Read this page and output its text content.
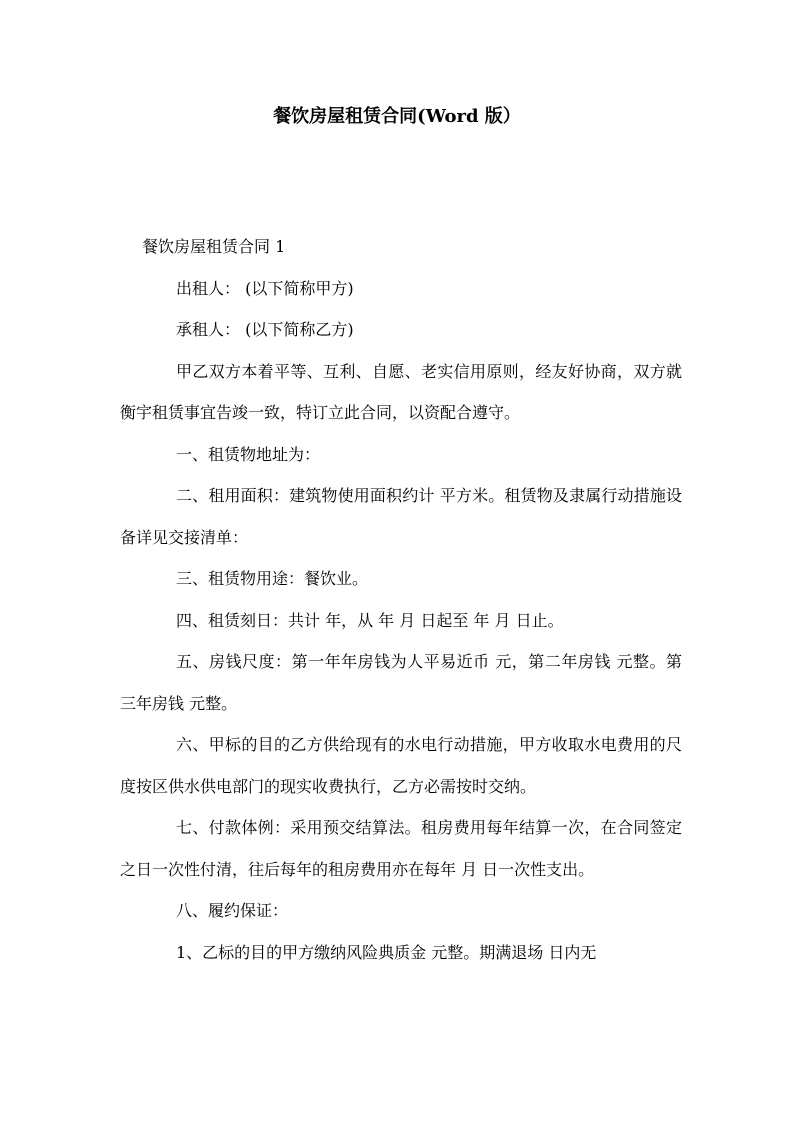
餐饮房屋租赁合同(Word 版）

餐饮房屋租赁合同 1

出租人： (以下简称甲方)

承租人： (以下简称乙方)

甲乙双方本着平等、互利、自愿、老实信用原则，经友好协商，双方就衡宇租赁事宜告竣一致，特订立此合同，以资配合遵守。

一、租赁物地址为：

二、租用面积：建筑物使用面积约计 平方米。租赁物及隶属行动措施设备详见交接清单：

三、租赁物用途：餐饮业。

四、租赁刻日：共计 年，从 年 月 日起至 年 月 日止。

五、房钱尺度：第一年年房钱为人平易近币 元，第二年房钱 元整。第三年房钱 元整。

六、甲标的目的乙方供给现有的水电行动措施，甲方收取水电费用的尺度按区供水供电部门的现实收费执行，乙方必需按时交纳。

七、付款体例：采用预交结算法。租房费用每年结算一次，在合同签定之日一次性付清，往后每年的租房费用亦在每年 月 日一次性支出。

八、履约保证：

1、乙标的目的甲方缴纳风险典质金 元整。期满退场 日内无
